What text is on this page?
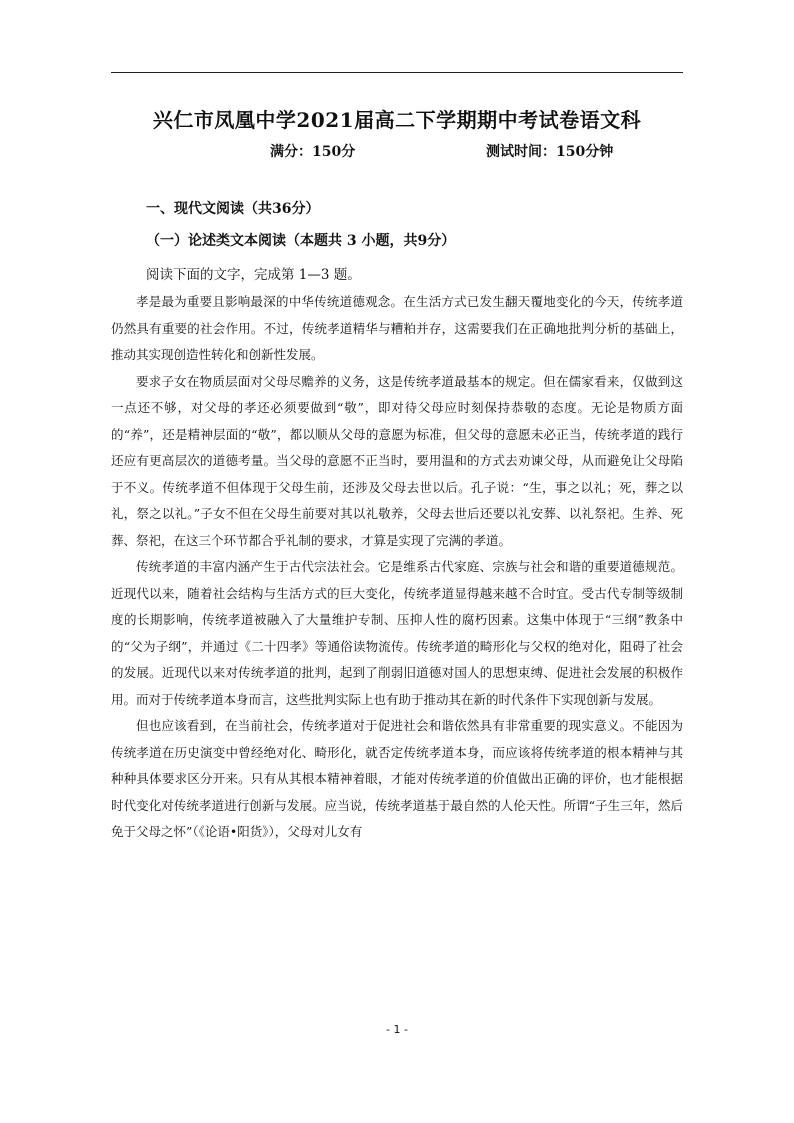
兴仁市凤凰中学2021届高二下学期期中考试卷语文科
满分：150分	测试时间：150分钟
一、现代文阅读（共36分）
（一）论述类文本阅读（本题共 3 小题，共9分）
阅读下面的文字，完成第 1—3 题。

孝是最为重要且影响最深的中华传统道德观念。在生活方式已发生翻天覆地变化的今天，传统孝道仍然具有重要的社会作用。不过，传统孝道精华与糟粕并存，这需要我们在正确地批判分析的基础上，推动其实现创造性转化和创新性发展。

要求子女在物质层面对父母尽赡养的义务，这是传统孝道最基本的规定。但在儒家看来，仅做到这一点还不够，对父母的孝还必须要做到“敬”，即对待父母应时刻保持恭敬的态度。无论是物质方面的“养”，还是精神层面的“敬”，都以顺从父母的意愿为标准，但父母的意愿未必正当，传统孝道的践行还应有更高层次的道德考量。当父母的意愿不正当时，要用温和的方式去劝谏父母，从而避免让父母陷于不义。传统孝道不但体现于父母生前，还涉及父母去世以后。孔子说：“生，事之以礼；死，葬之以礼，祭之以礼。”子女不但在父母生前要对其以礼敬养，父母去世后还要以礼安葬、以礼祭祀。生养、死葬、祭祀，在这三个环节都合乎礼制的要求，才算是实现了完满的孝道。

传统孝道的丰富内涵产生于古代宗法社会。它是维系古代家庭、宗族与社会和谐的重要道德规范。近现代以来，随着社会结构与生活方式的巨大变化，传统孝道显得越来越不合时宜。受古代专制等级制度的长期影响，传统孝道被融入了大量维护专制、压抑人性的腐朽因素。这集中体现于“三纲”教条中的“父为子纲”，并通过《二十四孝》等通俗读物流传。传统孝道的畸形化与父权的绝对化，阻碍了社会的发展。近现代以来对传统孝道的批判，起到了削弱旧道德对国人的思想束缚、促进社会发展的积极作用。而对于传统孝道本身而言，这些批判实际上也有助于推动其在新的时代条件下实现创新与发展。

但也应该看到，在当前社会，传统孝道对于促进社会和谐依然具有非常重要的现实意义。不能因为传统孝道在历史演变中曾经绝对化、畸形化，就否定传统孝道本身，而应该将传统孝道的根本精神与其种种具体要求区分开来。只有从其根本精神着眼，才能对传统孝道的价值做出正确的评价，也才能根据时代变化对传统孝道进行创新与发展。应当说，传统孝道基于最自然的人伦天性。所谓“子生三年，然后免于父母之怀”（《论语•阳货》），父母对儿女有

- 1 -
